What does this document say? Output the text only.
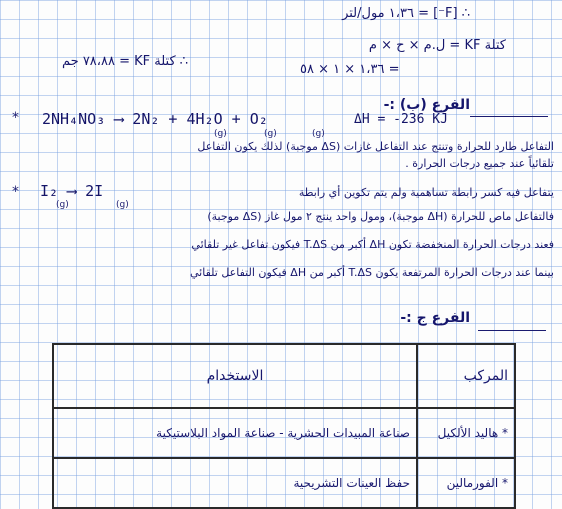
∴ [F⁻] = ١،٣٦ مول/لتر
كتلة KF = ل.م × ح × م
= ١،٣٦ × ١ × ٥٨
∴ كتلة KF = ٧٨،٨٨ جم
الفرع (ب) :-
* 2NH₄NO₃ ⟶ 2N₂ + 4H₂O + O₂
(g)	(g)	(g)
ΔH = -236 KJ
التفاعل طارد للحرارة وتنتج عند التفاعل غازات (ΔS موجبة) لذلك يكون التفاعل
تلقائياً عند جميع درجات الحرارة .
* I₂ ⟶ 2I
(g)	(g)
يتفاعل فيه كسر رابطة تساهمية ولم يتم تكوين أي رابطة
فالتفاعل ماص للحرارة (ΔH موجبة)، ومول واحد ينتج ٢ مول غاز (ΔS موجبة)
فعند درجات الحرارة المنخفضة تكون ΔH أكبر من T.ΔS فيكون تفاعل غير تلقائي
بينما عند درجات الحرارة المرتفعة يكون T.ΔS أكبر من ΔH فيكون التفاعل تلقائي
الفرع ج :-
المركب	الاستخدام
* هاليد الألكيل	صناعة المبيدات الحشرية - صناعة المواد البلاستيكية
* الفورمالين	حفظ العينات التشريحية
